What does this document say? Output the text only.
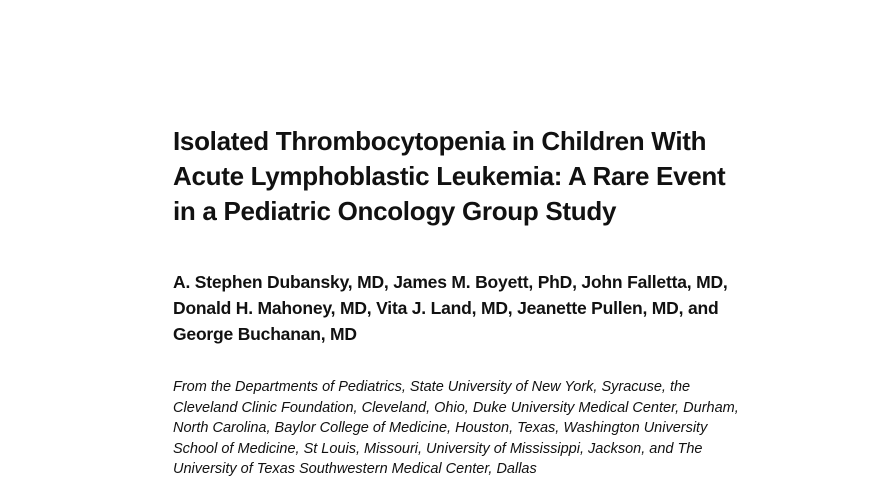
Isolated Thrombocytopenia in Children With
Acute Lymphoblastic Leukemia: A Rare Event
in a Pediatric Oncology Group Study
A. Stephen Dubansky, MD, James M. Boyett, PhD, John Falletta, MD,
Donald H. Mahoney, MD, Vita J. Land, MD, Jeanette Pullen, MD, and
George Buchanan, MD
From the Departments of Pediatrics, State University of New York, Syracuse, the
Cleveland Clinic Foundation, Cleveland, Ohio, Duke University Medical Center, Durham,
North Carolina, Baylor College of Medicine, Houston, Texas, Washington University
School of Medicine, St Louis, Missouri, University of Mississippi, Jackson, and The
University of Texas Southwestern Medical Center, Dallas
